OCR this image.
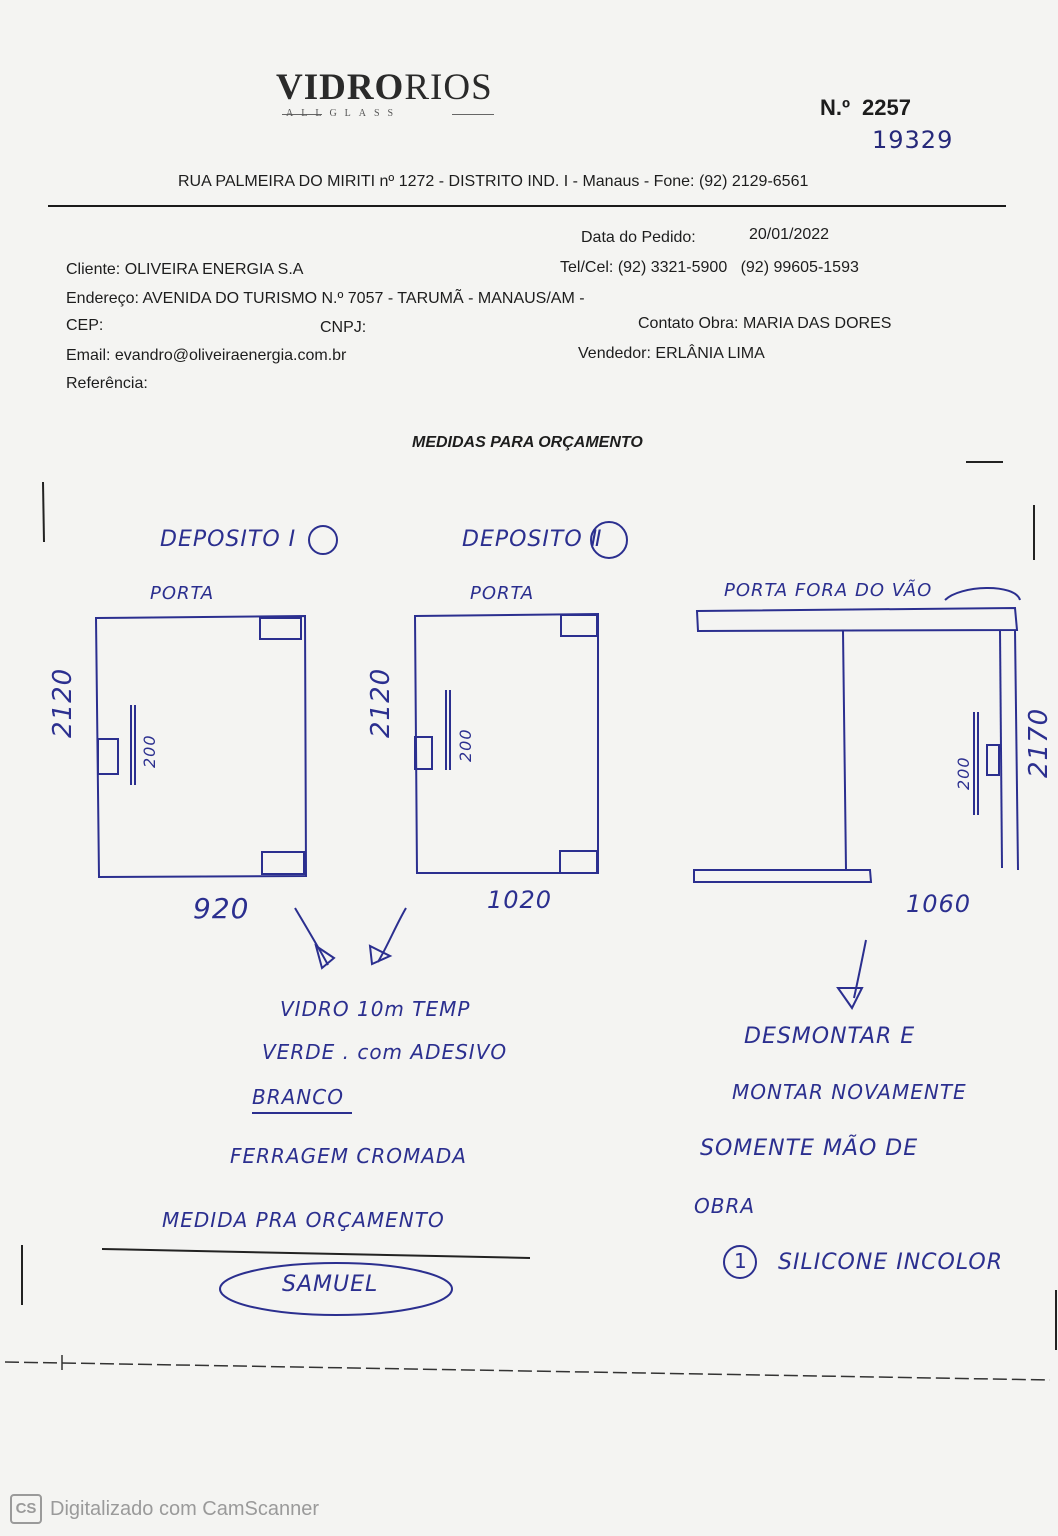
VIDRORIOS
ALLGLASS	N.º 2257
19329
RUA PALMEIRA DO MIRITI nº 1272 - DISTRITO IND. I - Manaus - Fone: (92) 2129-6561
Data do Pedido:	20/01/2022
Cliente: OLIVEIRA ENERGIA S.A	Tel/Cel: (92) 3321-5900   (92) 99605-1593
Endereço: AVENIDA DO TURISMO N.º 7057 - TARUMÃ - MANAUS/AM -
CEP:	CNPJ:	Contato Obra: MARIA DAS DORES
Email: evandro@oliveiraenergia.com.br	Vendedor: ERLÂNIA LIMA
Referência:
MEDIDAS PARA ORÇAMENTO
DEPOSITO Ⅰ
PORTA
2120
200
920
DEPOSITO Ⅱ
PORTA
2120
200
1020
PORTA FORA DO VÃO
2170
200
1060
VIDRO 10m TEMP
VERDE . com ADESIVO
BRANCO
FERRAGEM CROMADA
MEDIDA PRA ORÇAMENTO
SAMUEL
DESMONTAR E
MONTAR NOVAMENTE
SOMENTE MÃO DE
OBRA
1 SILICONE INCOLOR
CS Digitalizado com CamScanner
